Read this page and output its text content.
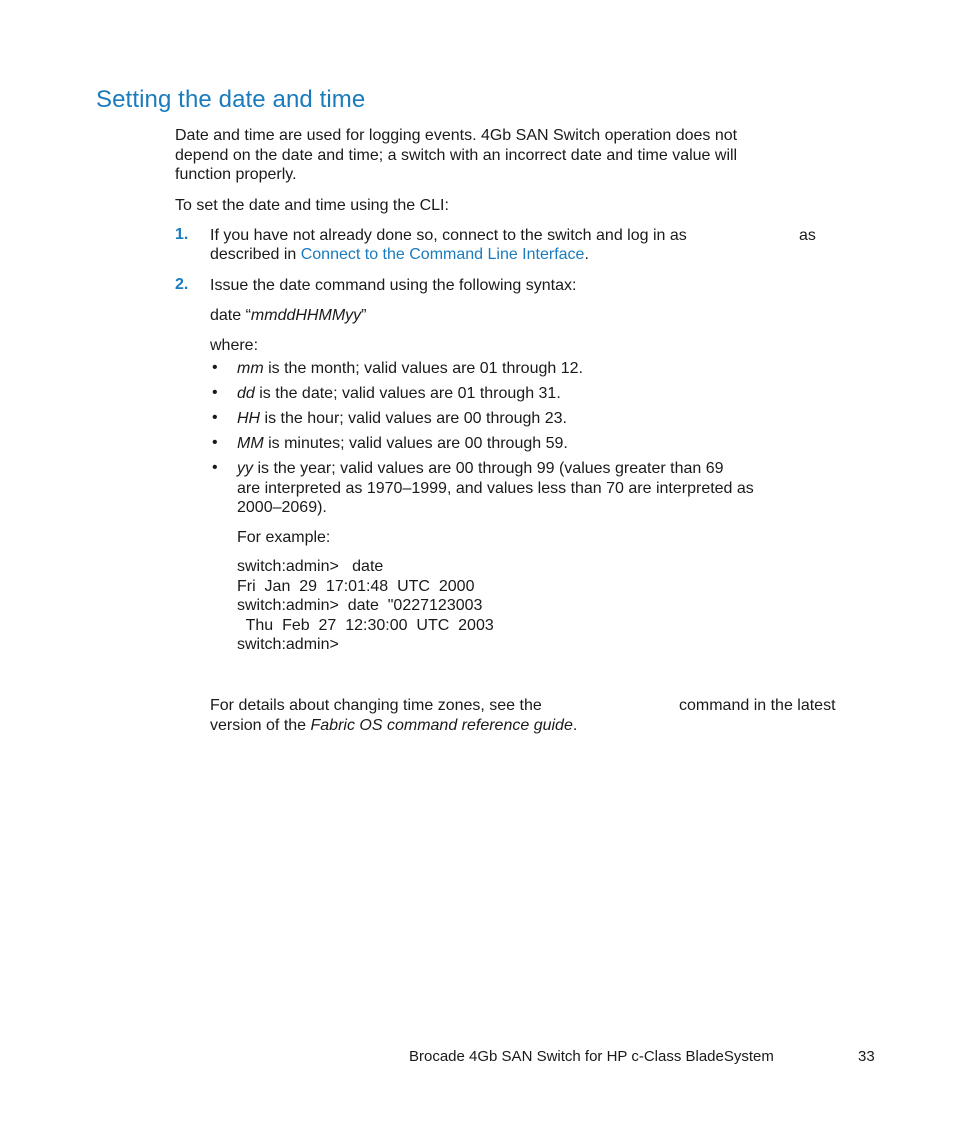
Setting the date and time
Date and time are used for logging events. 4Gb SAN Switch operation does not
depend on the date and time; a switch with an incorrect date and time value will
function properly.
To set the date and time using the CLI:
1. If you have not already done so, connect to the switch and log in as	as
described in Connect to the Command Line Interface.
2. Issue the date command using the following syntax:
date “mmddHHMMyy”
where:
• mm is the month; valid values are 01 through 12.
• dd is the date; valid values are 01 through 31.
• HH is the hour; valid values are 00 through 23.
• MM is minutes; valid values are 00 through 59.
• yy is the year; valid values are 00 through 99 (values greater than 69
are interpreted as 1970–1999, and values less than 70 are interpreted as
2000–2069).
For example:
switch:admin>   date
Fri  Jan  29  17:01:48  UTC  2000
switch:admin>  date  "0227123003
Thu  Feb  27  12:30:00  UTC  2003
switch:admin>
For details about changing time zones, see the	command in the latest
version of the Fabric OS command reference guide.
Brocade 4Gb SAN Switch for HP c-Class BladeSystem	33
